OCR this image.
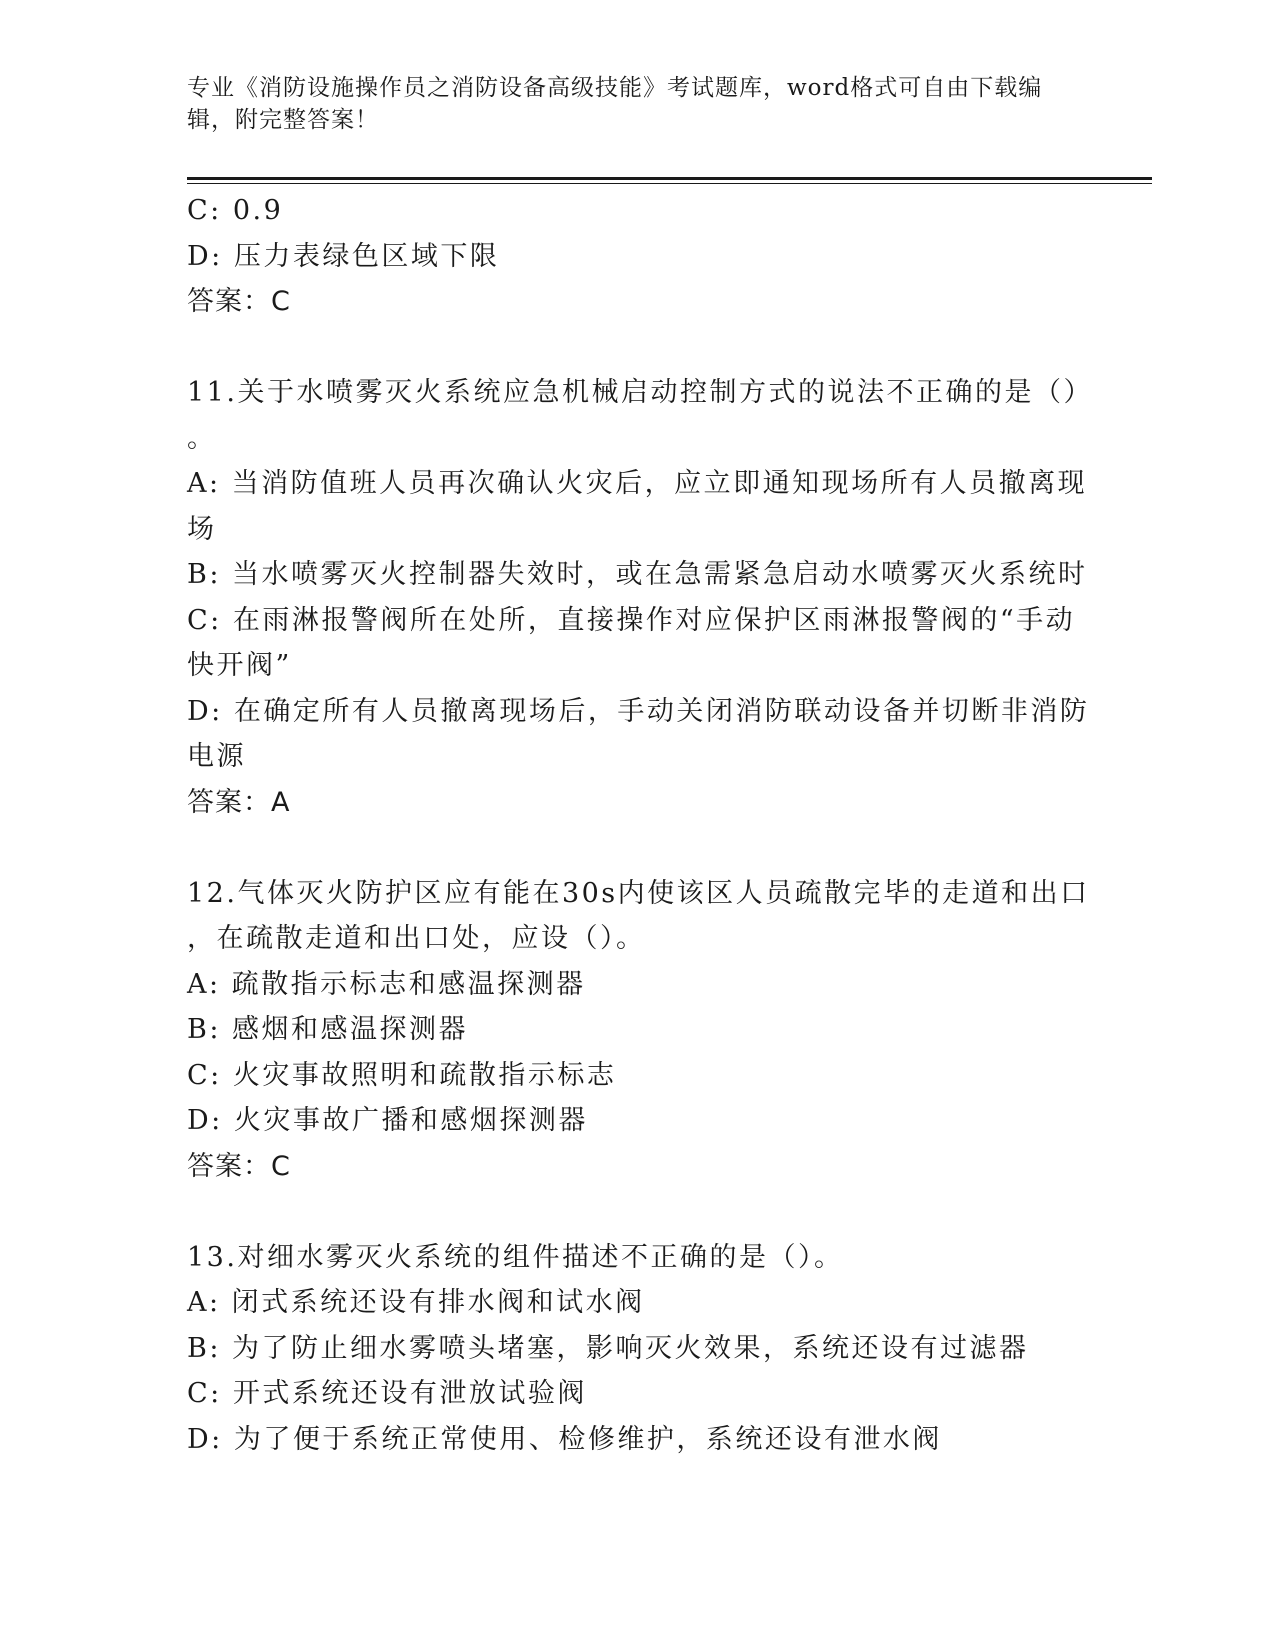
专业《消防设施操作员之消防设备高级技能》考试题库，word格式可自由下载编
辑，附完整答案！
C: 0.9
D: 压力表绿色区域下限
答案：C
11.关于水喷雾灭火系统应急机械启动控制方式的说法不正确的是（）
。
A: 当消防值班人员再次确认火灾后，应立即通知现场所有人员撤离现
场
B: 当水喷雾灭火控制器失效时，或在急需紧急启动水喷雾灭火系统时
C: 在雨淋报警阀所在处所，直接操作对应保护区雨淋报警阀的“手动
快开阀”
D: 在确定所有人员撤离现场后，手动关闭消防联动设备并切断非消防
电源
答案：A
12.气体灭火防护区应有能在30s内使该区人员疏散完毕的走道和出口
，在疏散走道和出口处，应设（）。
A: 疏散指示标志和感温探测器
B: 感烟和感温探测器
C: 火灾事故照明和疏散指示标志
D: 火灾事故广播和感烟探测器
答案：C
13.对细水雾灭火系统的组件描述不正确的是（）。
A: 闭式系统还设有排水阀和试水阀
B: 为了防止细水雾喷头堵塞，影响灭火效果，系统还设有过滤器
C: 开式系统还设有泄放试验阀
D: 为了便于系统正常使用、检修维护，系统还设有泄水阀
